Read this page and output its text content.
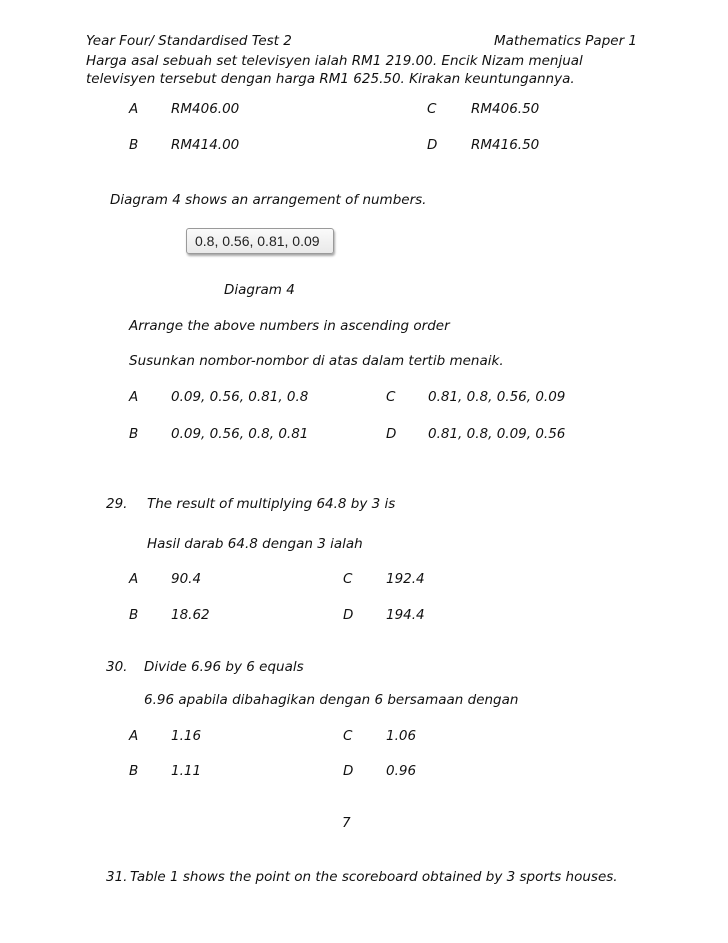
Year Four/ Standardised Test 2	Mathematics Paper 1
Harga asal sebuah set televisyen ialah RM1 219.00. Encik Nizam menjual
televisyen tersebut dengan harga RM1 625.50. Kirakan keuntungannya.
A RM406.00	C	RM406.50
B RM414.00	D RM416.50
Diagram 4 shows an arrangement of numbers.
0.8, 0.56, 0.81, 0.09
Diagram 4
Arrange the above numbers in ascending order
Susunkan nombor-nombor di atas dalam tertib menaik.
A 0.09, 0.56, 0.81, 0.8	C 0.81, 0.8, 0.56, 0.09
B 0.09, 0.56, 0.8, 0.81	D 0.81, 0.8, 0.09, 0.56
29. The result of multiplying 64.8 by 3 is
Hasil darab 64.8 dengan 3 ialah
A 90.4	C 192.4
B 18.62	D 194.4
30. Divide 6.96 by 6 equals
6.96 apabila dibahagikan dengan 6 bersamaan dengan
A 1.16	C 1.06
B 1.11	D 0.96
7
31. Table 1 shows the point on the scoreboard obtained by 3 sports houses.
